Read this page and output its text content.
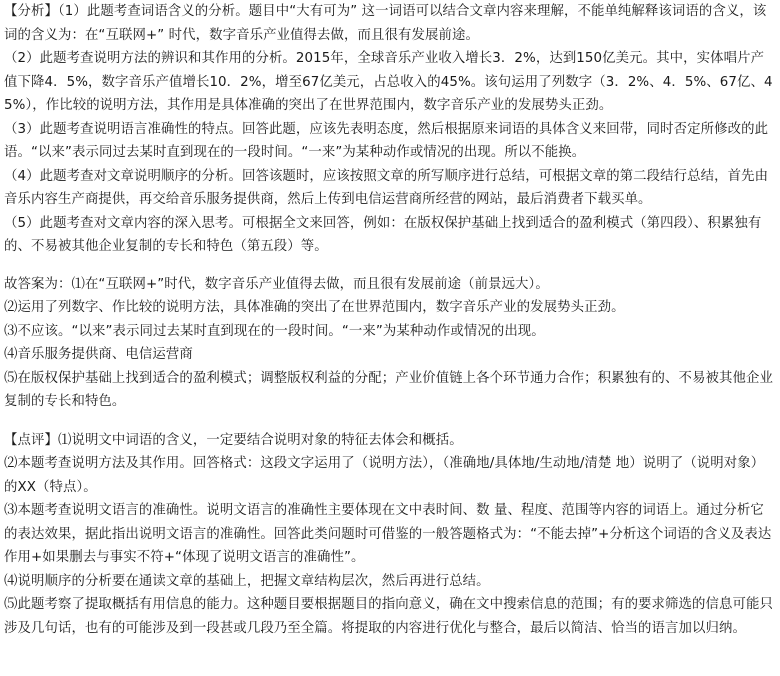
【分析】（1）此题考查词语含义的分析。题目中“大有可为” 这一词语可以结合文章内容来理解，不能单纯解释该词语的含义，该词的含义为：在“互联网+” 时代，数字音乐产业值得去做，而且很有发展前途。

（2）此题考查说明方法的辨识和其作用的分析。2015年，全球音乐产业收入增长3．2%，达到150亿美元。其中，实体唱片产值下降4．5%，数字音乐产值增长10．2%，增至67亿美元，占总收入的45%。该句运用了列数字（3．2%、4．5%、67亿、45%），作比较的说明方法，其作用是具体准确的突出了在世界范围内，数字音乐产业的发展势头正劲。

（3）此题考查说明语言准确性的特点。回答此题，应该先表明态度，然后根据原来词语的具体含义来回带，同时否定所修改的此语。“以来”表示同过去某时直到现在的一段时间。“一来”为某种动作或情况的出现。所以不能换。

（4）此题考查对文章说明顺序的分析。回答该题时，应该按照文章的所写顺序进行总结，可根据文章的第二段结行总结，首先由音乐内容生产商提供，再交给音乐服务提供商，然后上传到电信运营商所经营的网站，最后消费者下载买单。

（5）此题考查对文章内容的深入思考。可根据全文来回答，例如：在版权保护基础上找到适合的盈利模式（第四段）、积累独有的、不易被其他企业复制的专长和特色（第五段）等。

故答案为：⑴在“互联网+”时代，数字音乐产业值得去做，而且很有发展前途（前景远大）。

⑵运用了列数字、作比较的说明方法，具体准确的突出了在世界范围内，数字音乐产业的发展势头正劲。

⑶不应该。“以来”表示同过去某时直到现在的一段时间。“一来”为某种动作或情况的出现。

⑷音乐服务提供商、电信运营商

⑸在版权保护基础上找到适合的盈利模式；调整版权利益的分配；产业价值链上各个环节通力合作；积累独有的、不易被其他企业复制的专长和特色。

【点评】⑴说明文中词语的含义，一定要结合说明对象的特征去体会和概括。

⑵本题考查说明方法及其作用。回答格式：这段文字运用了（说明方法），（准确地/具体地/生动地/清楚 地）说明了（说明对象）的XX（特点）。

⑶本题考查说明文语言的准确性。说明文语言的准确性主要体现在文中表时间、数 量、程度、范围等内容的词语上。通过分析它的表达效果，据此指出说明文语言的准确性。回答此类问题时可借鉴的一般答题格式为：“不能去掉”+分析这个词语的含义及表达作用+如果删去与事实不符+“体现了说明文语言的准确性”。

⑷说明顺序的分析要在通读文章的基础上，把握文章结构层次，然后再进行总结。

⑸此题考察了提取概括有用信息的能力。这种题目要根据题目的指向意义，确在文中搜索信息的范围；有的要求筛选的信息可能只涉及几句话，也有的可能涉及到一段甚或几段乃至全篇。将提取的内容进行优化与整合，最后以简洁、恰当的语言加以归纳。
